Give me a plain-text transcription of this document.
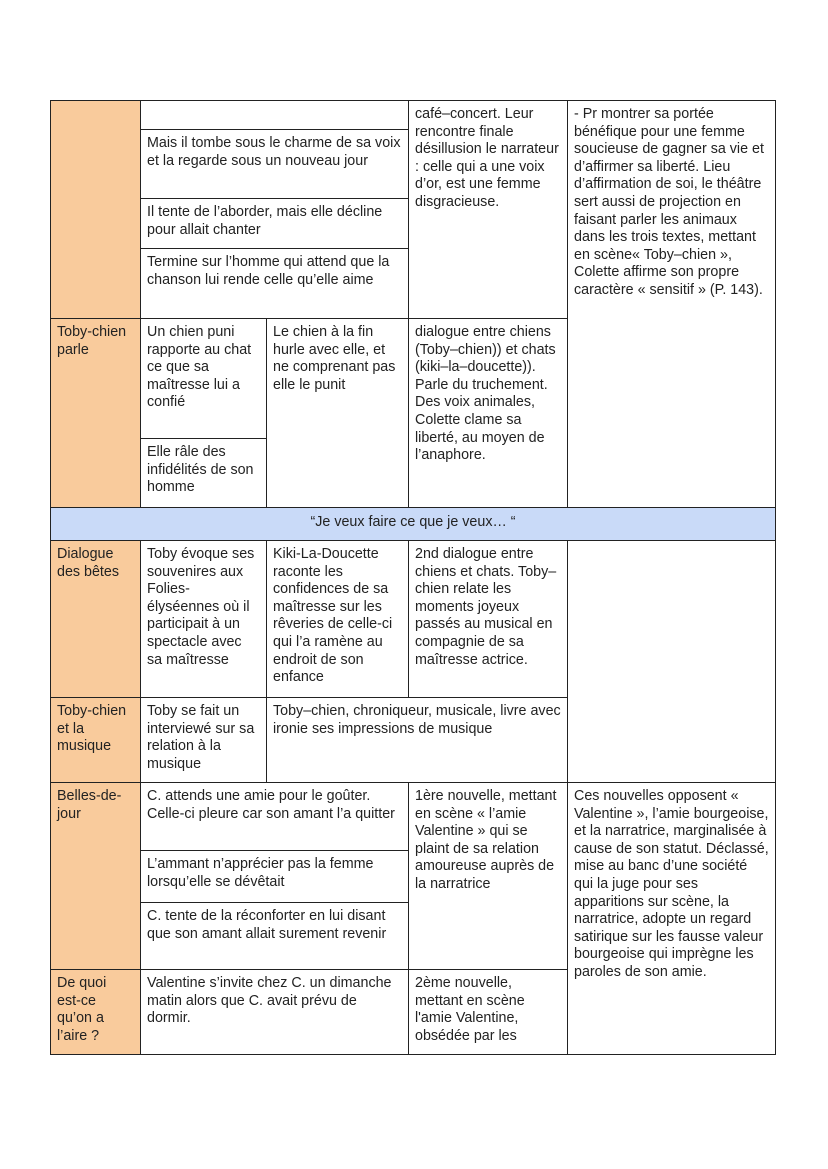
Mais il tombe sous le charme de sa voix et la regarde sous un nouveau jour
Il tente de l’aborder, mais elle décline pour allait chanter
Termine sur l’homme qui attend que la chanson lui rende celle qu’elle aime
café–concert. Leur rencontre finale désillusion le narrateur : celle qui a une voix d’or, est une femme disgracieuse.
- Pr montrer sa portée bénéfique pour une femme soucieuse de gagner sa vie et d’affirmer sa liberté. Lieu d’affirmation de soi, le théâtre sert aussi de projection en faisant parler les animaux dans les trois textes, mettant en scène« Toby–chien », Colette affirme son propre caractère « sensitif » (P. 143).
Toby-chien parle
Un chien puni rapporte au chat ce que sa maîtresse lui a confié
Elle râle des infidélités de son homme
Le chien à la fin hurle avec elle, et ne comprenant pas elle le punit
dialogue entre chiens (Toby–chien)) et chats
(kiki–la–doucette)). Parle du truchement. Des voix animales, Colette clame sa liberté, au moyen de l’anaphore.
“Je veux faire ce que je veux… “
Dialogue des bêtes
Toby évoque ses souvenires aux Folies-élyséennes où il participait à un spectacle avec sa maîtresse
Kiki-La-Doucette raconte les confidences de sa maîtresse sur les rêveries de celle-ci qui l’a ramène au endroit de son enfance
2nd dialogue entre chiens et chats. Toby–chien relate les moments joyeux passés au musical en compagnie de sa maîtresse actrice.
Toby-chien et la musique
Toby se fait un interviewé sur sa relation à la musique
Toby–chien, chroniqueur, musicale, livre avec ironie ses impressions de musique
Belles-de-jour
C. attends une amie pour le goûter. Celle-ci pleure car son amant l’a quitter
L’ammant n’apprécier pas la femme lorsqu’elle se dévêtait
C. tente de la réconforter en lui disant que son amant allait surement revenir
1ère nouvelle, mettant en scène « l’amie Valentine » qui se plaint de sa relation amoureuse auprès de la narratrice
Ces nouvelles opposent « Valentine », l’amie bourgeoise, et la narratrice, marginalisée à cause de son statut. Déclassé, mise au banc d’une société qui la juge pour ses apparitions sur scène, la narratrice, adopte un regard satirique sur les fausse valeur bourgeoise qui imprègne les paroles de son amie.
De quoi est-ce qu’on a l’aire ?
Valentine s’invite chez C. un dimanche matin alors que C. avait prévu de dormir.
2ème nouvelle, mettant en scène l'amie Valentine, obsédée par les
